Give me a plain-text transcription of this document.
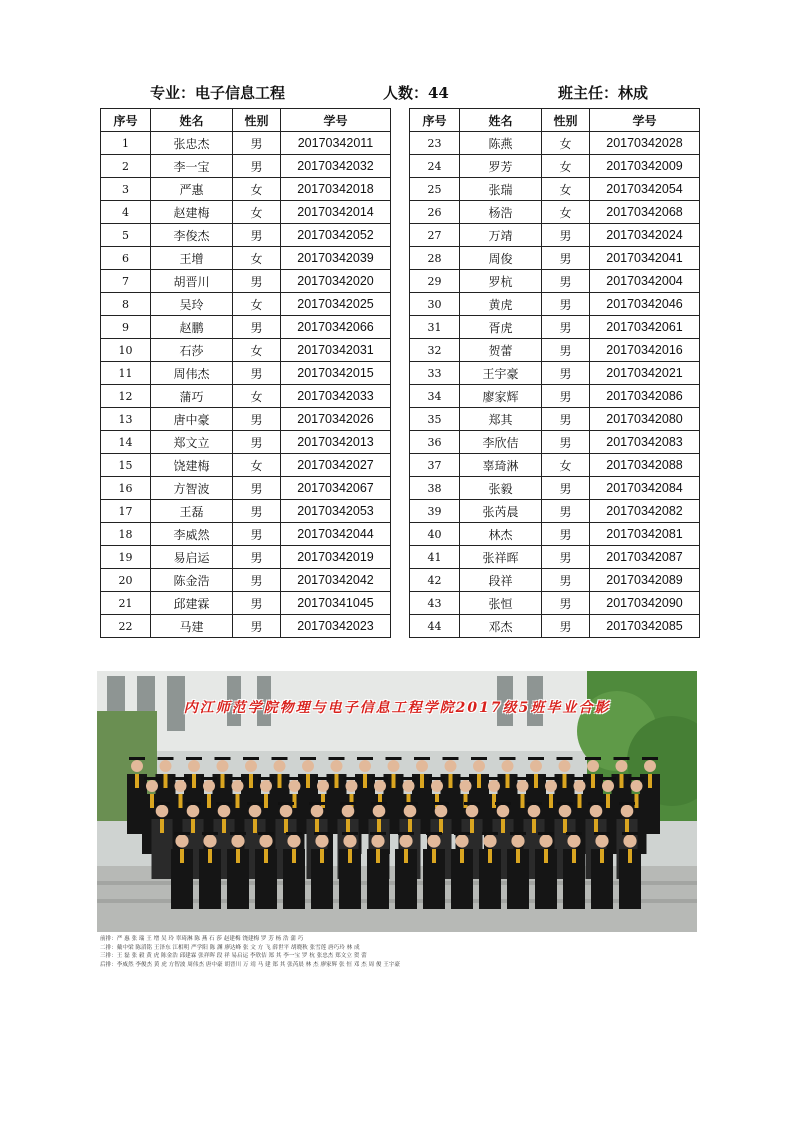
专业：电子信息工程	人数：44	班主任：林成
序号	姓名	性别	学号
1	张忠杰	男	20170342011
2	李一宝	男	20170342032
3	严惠	女	20170342018
4	赵建梅	女	20170342014
5	李俊杰	男	20170342052
6	王增	女	20170342039
7	胡晋川	男	20170342020
8	吴玲	女	20170342025
9	赵鹏	男	20170342066
10	石莎	女	20170342031
11	周伟杰	男	20170342015
12	蒲巧	女	20170342033
13	唐中豪	男	20170342026
14	郑文立	男	20170342013
15	饶建梅	女	20170342027
16	方智波	男	20170342067
17	王磊	男	20170342053
18	李威然	男	20170342044
19	易启运	男	20170342019
20	陈金浩	男	20170342042
21	邱建霖	男	20170341045
22	马建	男	20170342023
序号	姓名	性别	学号
23	陈燕	女	20170342028
24	罗芳	女	20170342009
25	张瑞	女	20170342054
26	杨浩	女	20170342068
27	万靖	男	20170342024
28	周俊	男	20170342041
29	罗杭	男	20170342004
30	黄虎	男	20170342046
31	胥虎	男	20170342061
32	贺蕾	男	20170342016
33	王宇豪	男	20170342021
34	廖家辉	男	20170342086
35	郑其	男	20170342080
36	李欣佶	男	20170342083
37	辜琦淋	女	20170342088
38	张毅	男	20170342084
39	张芮晨	男	20170342082
40	林杰	男	20170342081
41	张祥晖	男	20170342087
42	段祥	男	20170342089
43	张恒	男	20170342090
44	邓杰	男	20170342085
内江师范学院物理与电子信息工程学院2017级5班毕业合影
前排：严 惠 张 瑞 王 增 吴 玲 辜琦淋 陈 燕 石 莎 赵建梅 饶建梅 罗 芳 杨 浩 蒲 巧
二排：戴中梁 陈滔铭 王泽东 江相明 严学阳 陈 渊 廖达峰 张 文 方 飞 薛世平 胡晓秋 张雪莲 唐巧玲 林 成
三排：王 磊 张 毅 黄 虎 陈金浩 邱建霖 张祥晖 段 祥 易启运 李欣佶 郑 其 李一宝 罗 杭 张忠杰 郑文立 贺 蕾
后排：李威然 李俊杰 黄 虎 方智波 周伟杰 唐中豪 胡晋川 万 靖 马 建 郑 其 张芮晨 林 杰 廖家辉 张 恒 邓 杰 周 俊 王宇豪
